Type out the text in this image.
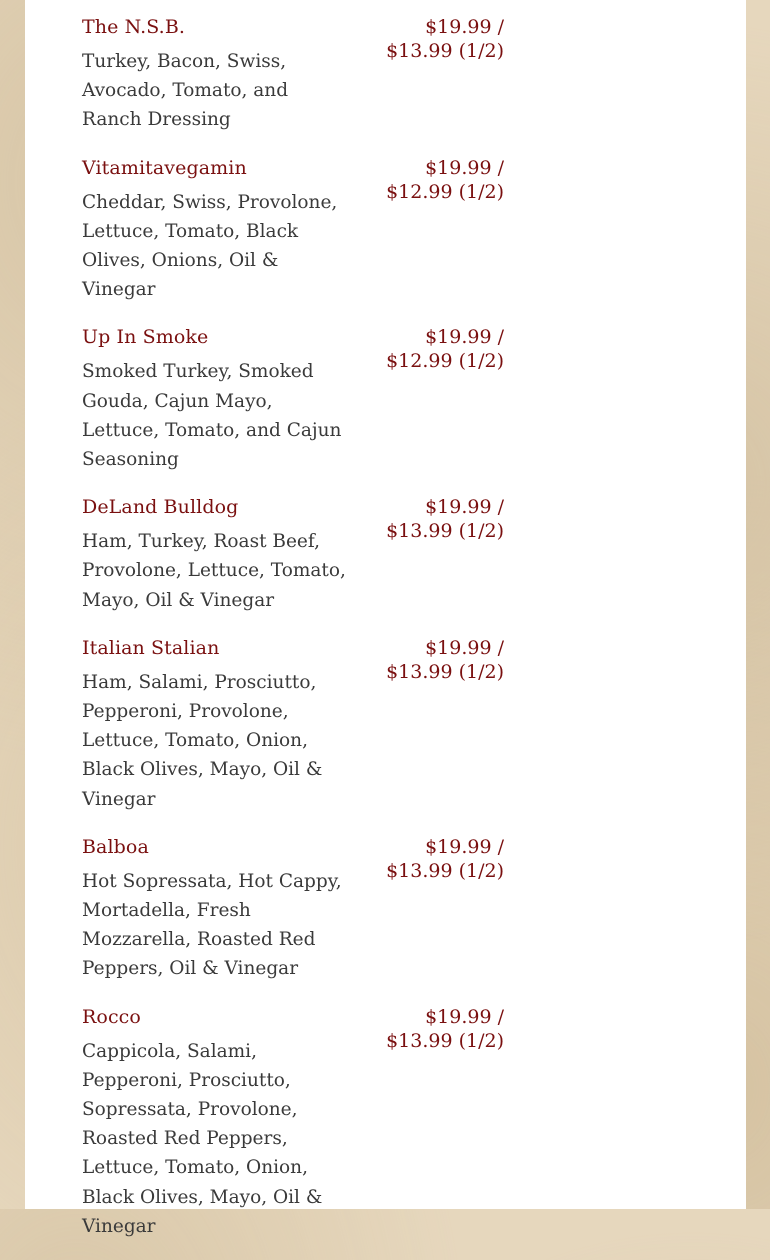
The N.S.B.	$19.99 / $13.99 (1/2)
Turkey, Bacon, Swiss, Avocado, Tomato, and Ranch Dressing
Vitamitavegamin	$19.99 / $12.99 (1/2)
Cheddar, Swiss, Provolone, Lettuce, Tomato, Black Olives, Onions, Oil & Vinegar
Up In Smoke	$19.99 / $12.99 (1/2)
Smoked Turkey, Smoked Gouda, Cajun Mayo, Lettuce, Tomato, and Cajun Seasoning
DeLand Bulldog	$19.99 / $13.99 (1/2)
Ham, Turkey, Roast Beef, Provolone, Lettuce, Tomato, Mayo, Oil & Vinegar
Italian Stalian	$19.99 / $13.99 (1/2)
Ham, Salami, Prosciutto, Pepperoni, Provolone, Lettuce, Tomato, Onion, Black Olives, Mayo, Oil & Vinegar
Balboa	$19.99 / $13.99 (1/2)
Hot Sopressata, Hot Cappy, Mortadella, Fresh Mozzarella, Roasted Red Peppers, Oil & Vinegar
Rocco	$19.99 / $13.99 (1/2)
Cappicola, Salami, Pepperoni, Prosciutto, Sopressata, Provolone, Roasted Red Peppers, Lettuce, Tomato, Onion, Black Olives, Mayo, Oil & Vinegar
